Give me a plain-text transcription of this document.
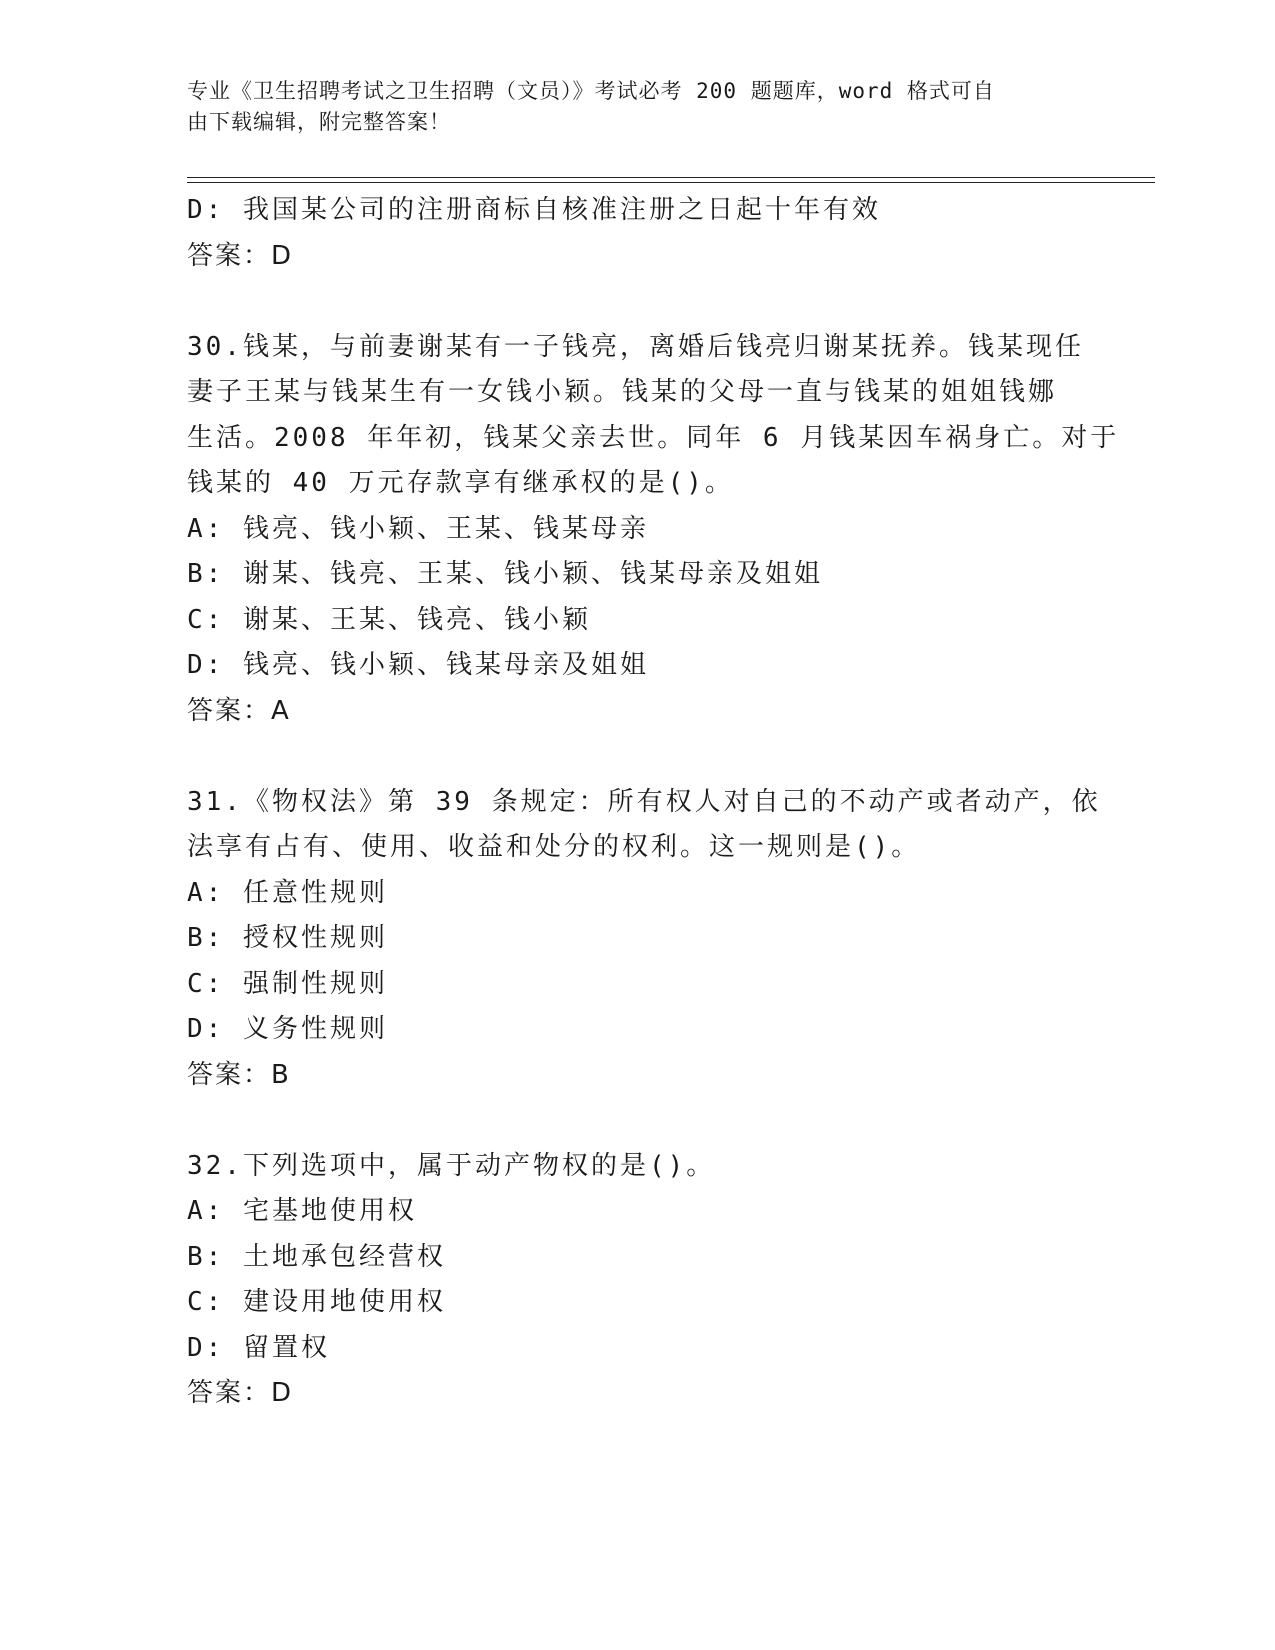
专业《卫生招聘考试之卫生招聘（文员）》考试必考 200 题题库，word 格式可自
由下载编辑，附完整答案！
D: 我国某公司的注册商标自核准注册之日起十年有效
答案：D
30.钱某，与前妻谢某有一子钱亮，离婚后钱亮归谢某抚养。钱某现任
妻子王某与钱某生有一女钱小颖。钱某的父母一直与钱某的姐姐钱娜
生活。2008 年年初，钱某父亲去世。同年 6 月钱某因车祸身亡。对于
钱某的 40 万元存款享有继承权的是()。
A: 钱亮、钱小颖、王某、钱某母亲
B: 谢某、钱亮、王某、钱小颖、钱某母亲及姐姐
C: 谢某、王某、钱亮、钱小颖
D: 钱亮、钱小颖、钱某母亲及姐姐
答案：A
31.《物权法》第 39 条规定：所有权人对自己的不动产或者动产，依
法享有占有、使用、收益和处分的权利。这一规则是()。
A: 任意性规则
B: 授权性规则
C: 强制性规则
D: 义务性规则
答案：B
32.下列选项中，属于动产物权的是()。
A: 宅基地使用权
B: 土地承包经营权
C: 建设用地使用权
D: 留置权
答案：D
